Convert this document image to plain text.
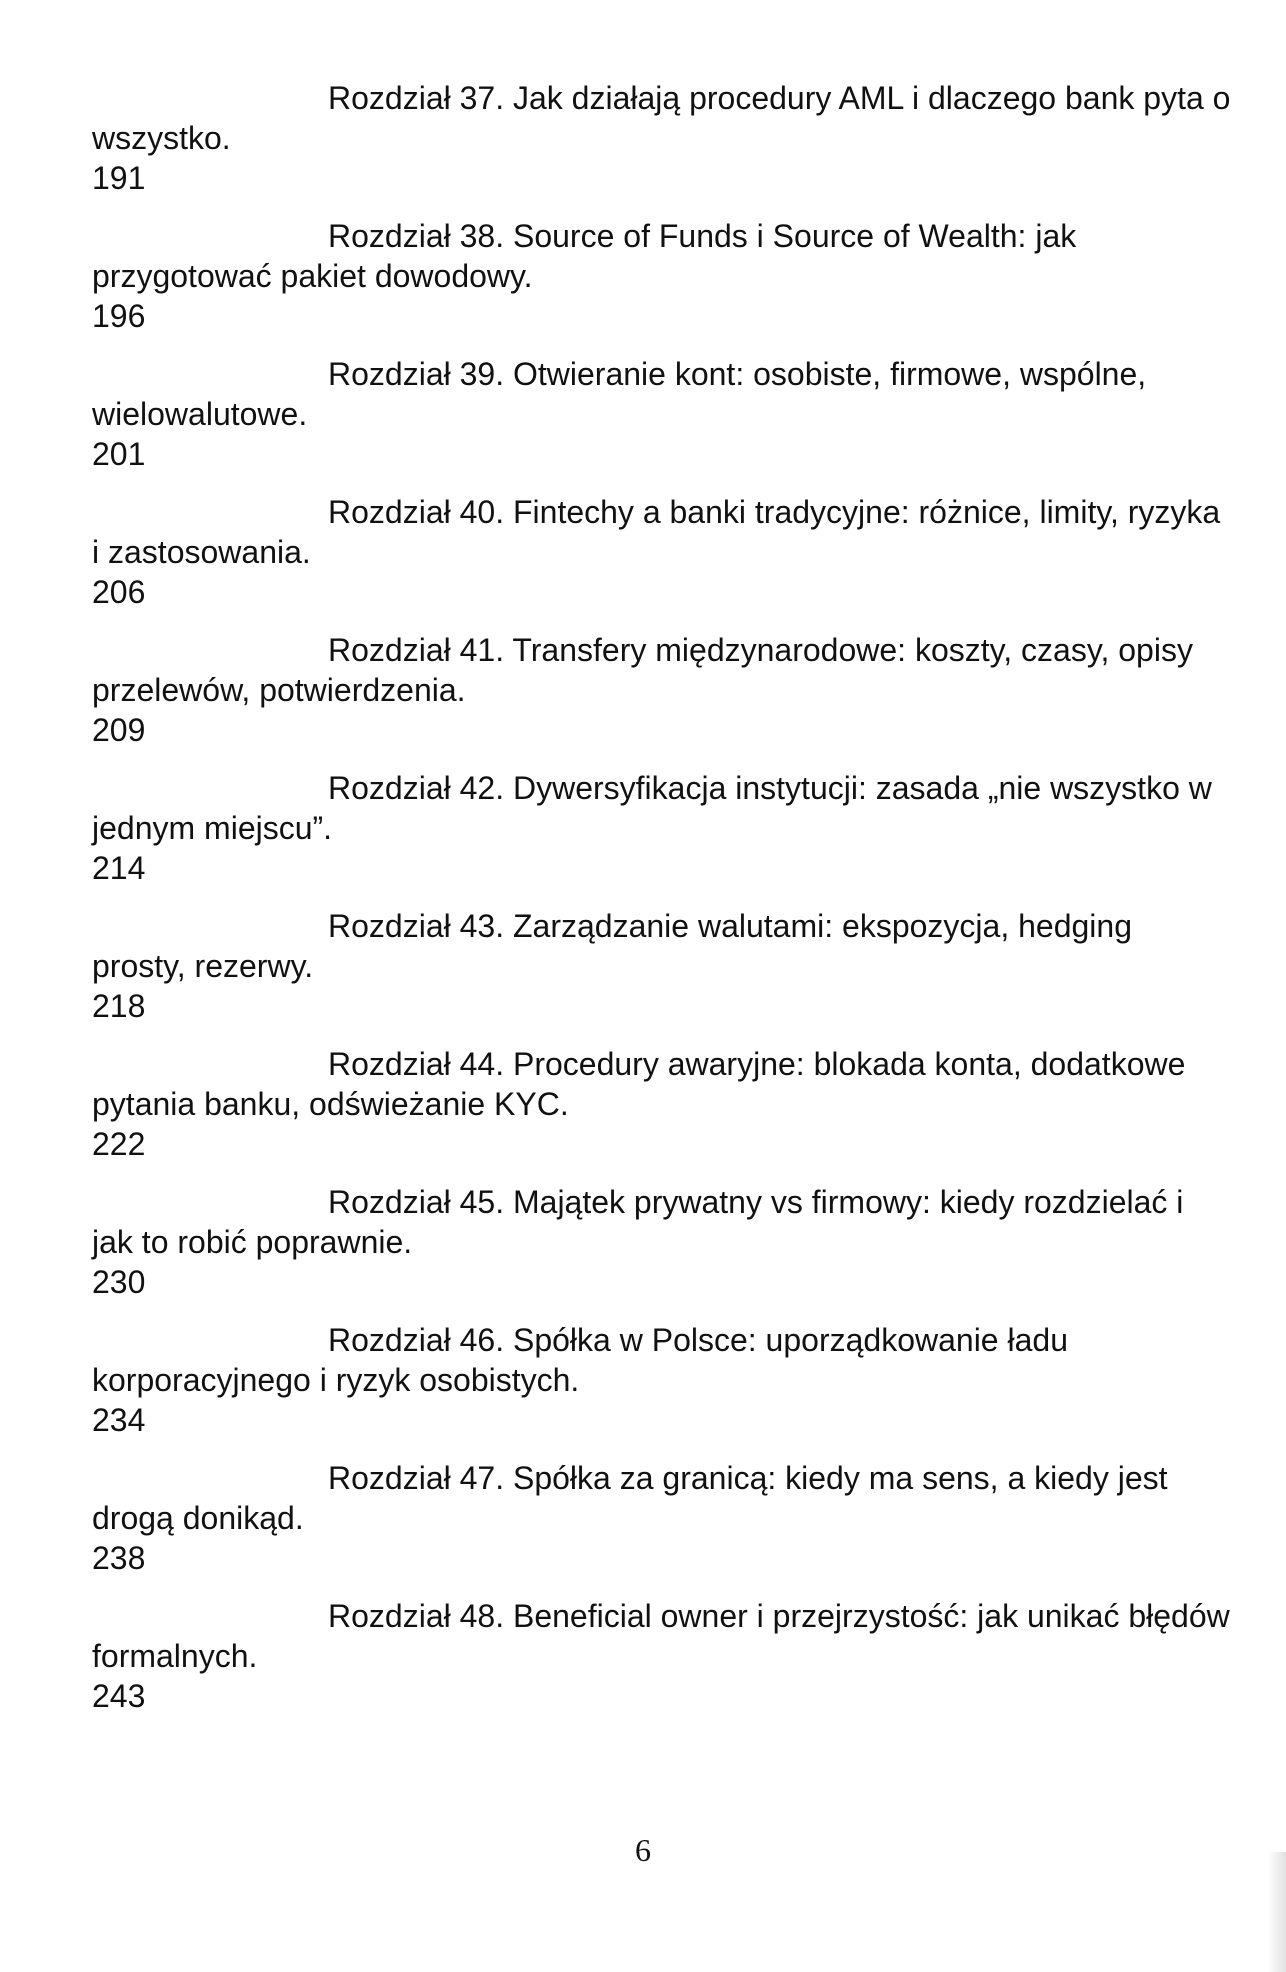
Rozdział 37. Jak działają procedury AML i dlaczego bank pyta o wszystko.

191

Rozdział 38. Source of Funds i Source of Wealth: jak przygotować pakiet dowodowy.

196

Rozdział 39. Otwieranie kont: osobiste, firmowe, wspólne, wielowalutowe.

201

Rozdział 40. Fintechy a banki tradycyjne: różnice, limity, ryzyka i zastosowania.

206

Rozdział 41. Transfery międzynarodowe: koszty, czasy, opisy przelewów, potwierdzenia.

209

Rozdział 42. Dywersyfikacja instytucji: zasada „nie wszystko w jednym miejscu”.

214

Rozdział 43. Zarządzanie walutami: ekspozycja, hedging prosty, rezerwy.

218

Rozdział 44. Procedury awaryjne: blokada konta, dodatkowe pytania banku, odświeżanie KYC.

222

Rozdział 45. Majątek prywatny vs firmowy: kiedy rozdzielać i jak to robić poprawnie.

230

Rozdział 46. Spółka w Polsce: uporządkowanie ładu korporacyjnego i ryzyk osobistych.

234

Rozdział 47. Spółka za granicą: kiedy ma sens, a kiedy jest drogą donikąd.

238

Rozdział 48. Beneficial owner i przejrzystość: jak unikać błędów formalnych.

243

6
